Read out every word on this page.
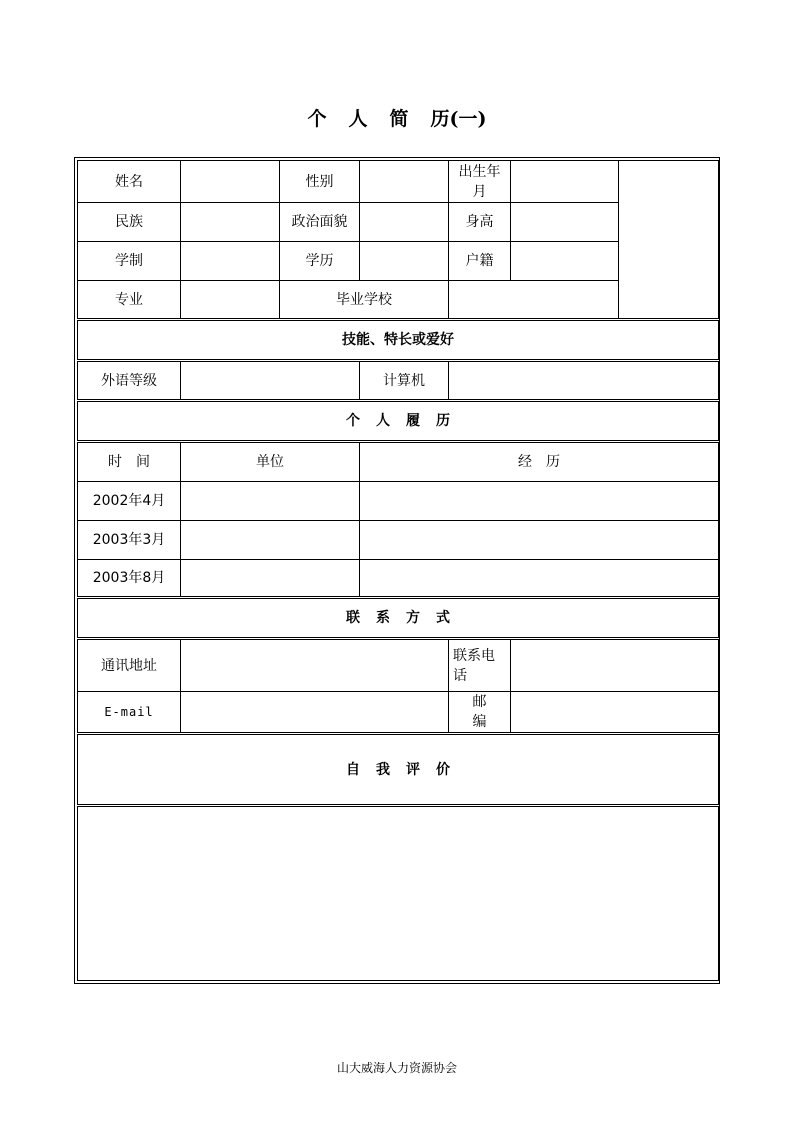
个 人 简 历(一)
姓名		性别		出生年月		
民族		政治面貌		身高		
学制		学历		户籍		
专业		毕业学校				
技能、特长或爱好						
外语等级			计算机			
个 人 履 历						
时　间	单位		经　历			
2002年4月						
2003年3月						
2003年8月						
联 系 方 式						
通讯地址				联系电话		
E-mail				邮　　编		
自 我 评 价						

山大威海人力资源协会
